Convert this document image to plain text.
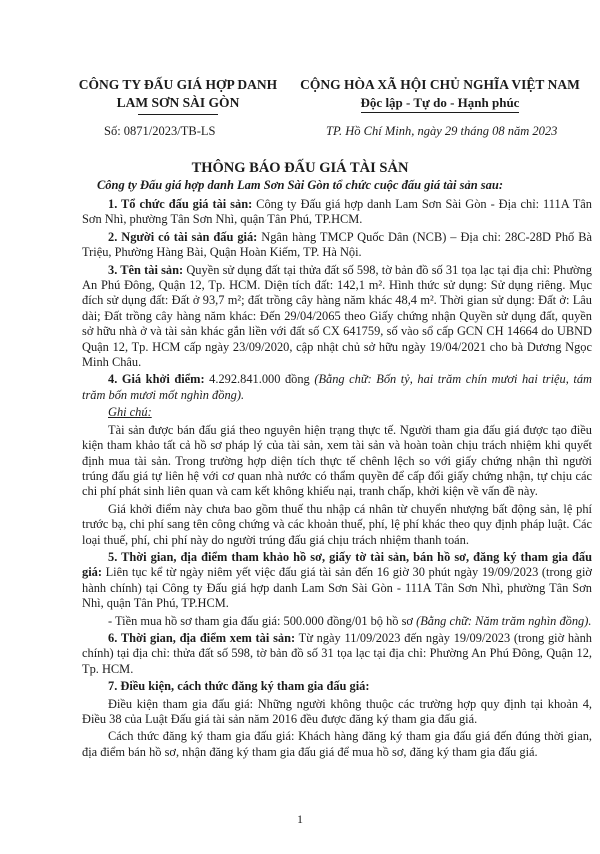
CÔNG TY ĐẤU GIÁ HỢP DANH
LAM SƠN SÀI GÒN
CỘNG HÒA XÃ HỘI CHỦ NGHĨA VIỆT NAM
Độc lập - Tự do - Hạnh phúc
Số: 0871/2023/TB-LS	TP. Hồ Chí Minh, ngày 29 tháng 08 năm 2023
THÔNG BÁO ĐẤU GIÁ TÀI SẢN
Công ty Đấu giá hợp danh Lam Sơn Sài Gòn tổ chức cuộc đấu giá tài sản sau:

1. Tổ chức đấu giá tài sản: Công ty Đấu giá hợp danh Lam Sơn Sài Gòn - Địa chỉ: 111A Tân Sơn Nhì, phường Tân Sơn Nhì, quận Tân Phú, TP.HCM.

2. Người có tài sản đấu giá: Ngân hàng TMCP Quốc Dân (NCB) – Địa chỉ: 28C-28D Phố Bà Triệu, Phường Hàng Bài, Quận Hoàn Kiếm, TP. Hà Nội.

3. Tên tài sản: Quyền sử dụng đất tại thửa đất số 598, tờ bản đồ số 31 tọa lạc tại địa chỉ: Phường An Phú Đông, Quận 12, Tp. HCM. Diện tích đất: 142,1 m². Hình thức sử dụng: Sử dụng riêng. Mục đích sử dụng đất: Đất ở 93,7 m²; đất trồng cây hàng năm khác 48,4 m². Thời gian sử dụng: Đất ở: Lâu dài; Đất trồng cây hàng năm khác: Đến 29/04/2065 theo Giấy chứng nhận Quyền sử dụng đất, quyền sở hữu nhà ở và tài sản khác gắn liền với đất số CX 641759, số vào sổ cấp GCN CH 14664 do UBND Quận 12, Tp. HCM cấp ngày 23/09/2020, cập nhật chủ sở hữu ngày 19/04/2021 cho bà Dương Ngọc Minh Châu.

4. Giá khởi điểm: 4.292.841.000 đồng (Bằng chữ: Bốn tỷ, hai trăm chín mươi hai triệu, tám trăm bốn mươi mốt nghìn đồng).

Ghi chú:

Tài sản được bán đấu giá theo nguyên hiện trạng thực tế. Người tham gia đấu giá được tạo điều kiện tham khảo tất cả hồ sơ pháp lý của tài sản, xem tài sản và hoàn toàn chịu trách nhiệm khi quyết định mua tài sản. Trong trường hợp diện tích thực tế chênh lệch so với giấy chứng nhận thì người trúng đấu giá tự liên hệ với cơ quan nhà nước có thẩm quyền để cấp đổi giấy chứng nhận, tự chịu các chi phí phát sinh liên quan và cam kết không khiếu nại, tranh chấp, khởi kiện về vấn đề này.

Giá khởi điểm này chưa bao gồm thuế thu nhập cá nhân từ chuyển nhượng bất động sản, lệ phí trước bạ, chi phí sang tên công chứng và các khoản thuế, phí, lệ phí khác theo quy định pháp luật. Các loại thuế, phí, chi phí này do người trúng đấu giá chịu trách nhiệm thanh toán.

5. Thời gian, địa điểm tham khảo hồ sơ, giấy tờ tài sản, bán hồ sơ, đăng ký tham gia đấu giá: Liên tục kể từ ngày niêm yết việc đấu giá tài sản đến 16 giờ 30 phút ngày 19/09/2023 (trong giờ hành chính) tại Công ty Đấu giá hợp danh Lam Sơn Sài Gòn - 111A Tân Sơn Nhì, phường Tân Sơn Nhì, quận Tân Phú, TP.HCM.

- Tiền mua hồ sơ tham gia đấu giá: 500.000 đồng/01 bộ hồ sơ (Bằng chữ: Năm trăm nghìn đồng).

6. Thời gian, địa điểm xem tài sản: Từ ngày 11/09/2023 đến ngày 19/09/2023 (trong giờ hành chính) tại địa chỉ: thửa đất số 598, tờ bản đồ số 31 tọa lạc tại địa chỉ: Phường An Phú Đông, Quận 12, Tp. HCM.

7. Điều kiện, cách thức đăng ký tham gia đấu giá:

Điều kiện tham gia đấu giá: Những người không thuộc các trường hợp quy định tại khoản 4, Điều 38 của Luật Đấu giá tài sản năm 2016 đều được đăng ký tham gia đấu giá.

Cách thức đăng ký tham gia đấu giá: Khách hàng đăng ký tham gia đấu giá đến đúng thời gian, địa điểm bán hồ sơ, nhận đăng ký tham gia đấu giá để mua hồ sơ, đăng ký tham gia đấu giá.

1
